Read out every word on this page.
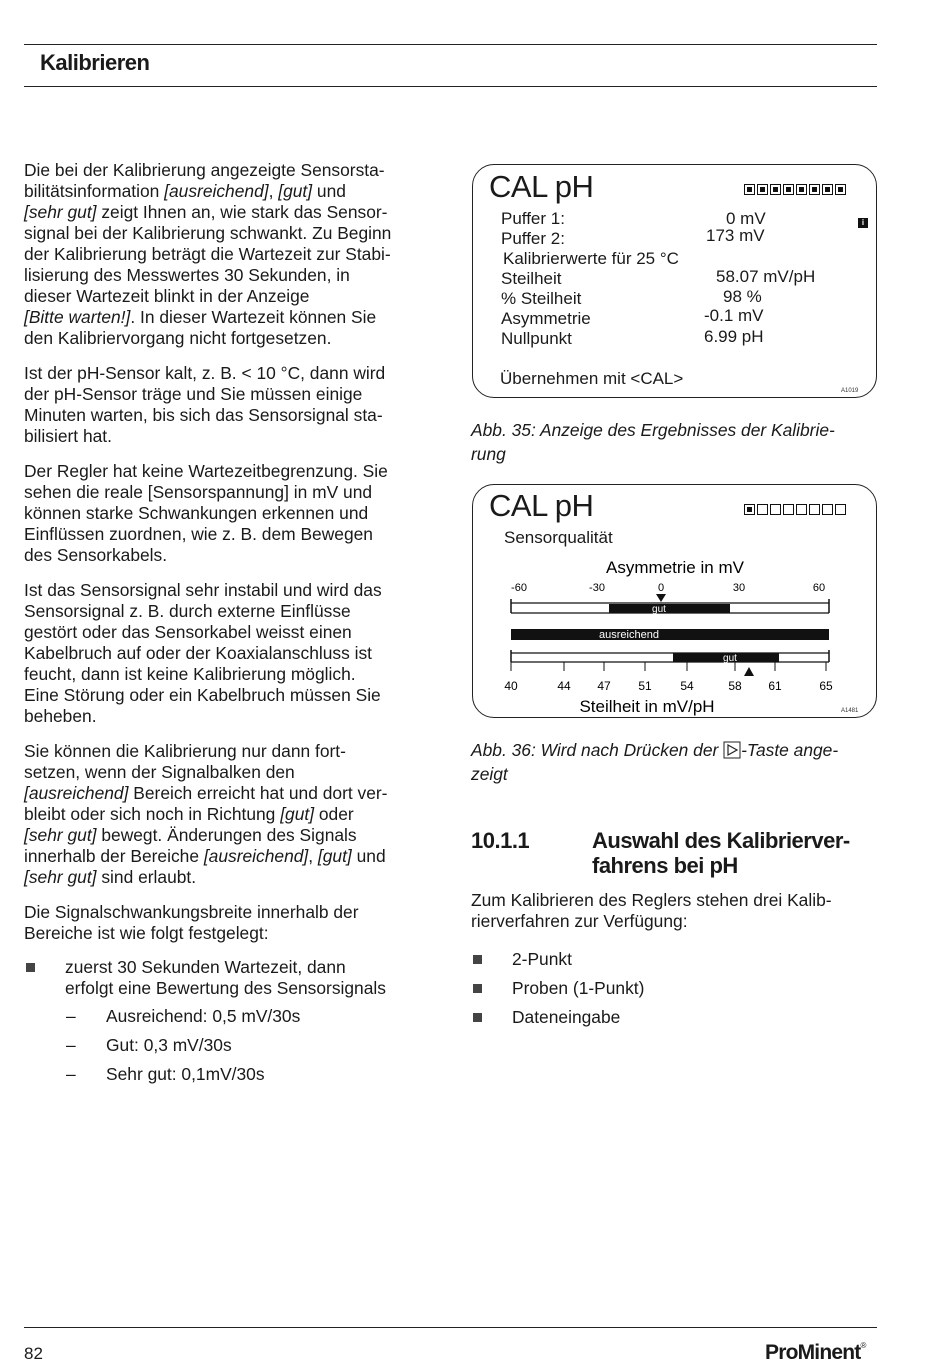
Kalibrieren

Die bei der Kalibrierung angezeigte Sensorsta-
bilitätsinformation [ausreichend], [gut] und
[sehr gut] zeigt Ihnen an, wie stark das Sensor-
signal bei der Kalibrierung schwankt. Zu Beginn
der Kalibrierung beträgt die Wartezeit zur Stabi-
lisierung des Messwertes 30 Sekunden, in
dieser Wartezeit blinkt in der Anzeige
[Bitte warten!]. In dieser Wartezeit können Sie
den Kalibriervorgang nicht fortgesetzen.

Ist der pH-Sensor kalt, z. B. < 10 °C, dann wird
der pH-Sensor träge und Sie müssen einige
Minuten warten, bis sich das Sensorsignal sta-
bilisiert hat.

Der Regler hat keine Wartezeitbegrenzung. Sie
sehen die reale [Sensorspannung] in mV und
können starke Schwankungen erkennen und
Einflüssen zuordnen, wie z. B. dem Bewegen
des Sensorkabels.

Ist das Sensorsignal sehr instabil und wird das
Sensorsignal z. B. durch externe Einflüsse
gestört oder das Sensorkabel weisst einen
Kabelbruch auf oder der Koaxialanschluss ist
feucht, dann ist keine Kalibrierung möglich.
Eine Störung oder ein Kabelbruch müssen Sie
beheben.

Sie können die Kalibrierung nur dann fort-
setzen, wenn der Signalbalken den
[ausreichend] Bereich erreicht hat und dort ver-
bleibt oder sich noch in Richtung [gut] oder
[sehr gut] bewegt. Änderungen des Signals
innerhalb der Bereiche [ausreichend], [gut] und
[sehr gut] sind erlaubt.

Die Signalschwankungsbreite innerhalb der
Bereiche ist wie folgt festgelegt:

zuerst 30 Sekunden Wartezeit, dann
erfolgt eine Bewertung des Sensorsignals
– Ausreichend: 0,5 mV/30s
– Gut: 0,3 mV/30s
– Sehr gut: 0,1mV/30s
CAL pH
i
Puffer 1:	0 mV
Puffer 2:	173 mV
Kalibrierwerte für 25 °C
Steilheit	58.07 mV/pH
% Steilheit	98 %
Asymmetrie	-0.1 mV
Nullpunkt	6.99 pH
Übernehmen mit <CAL>
A1019
Abb. 35: Anzeige des Ergebnisses der Kalibrie-
rung
CAL pH
Sensorqualität
Asymmetrie in mV
-60	-30	0	30	60
gut
ausreichend
gut
40	44 47 51 54	58 61	65
Steilheit in mV/pH	A1481
Abb. 36: Wird nach Drücken der -Taste ange-
zeigt
10.1.1	Auswahl des Kalibrierver-
fahrens bei pH
Zum Kalibrieren des Reglers stehen drei Kalib-
rierverfahren zur Verfügung:
2-Punkt
Proben (1-Punkt)
Dateneingabe
82	ProMinent®
